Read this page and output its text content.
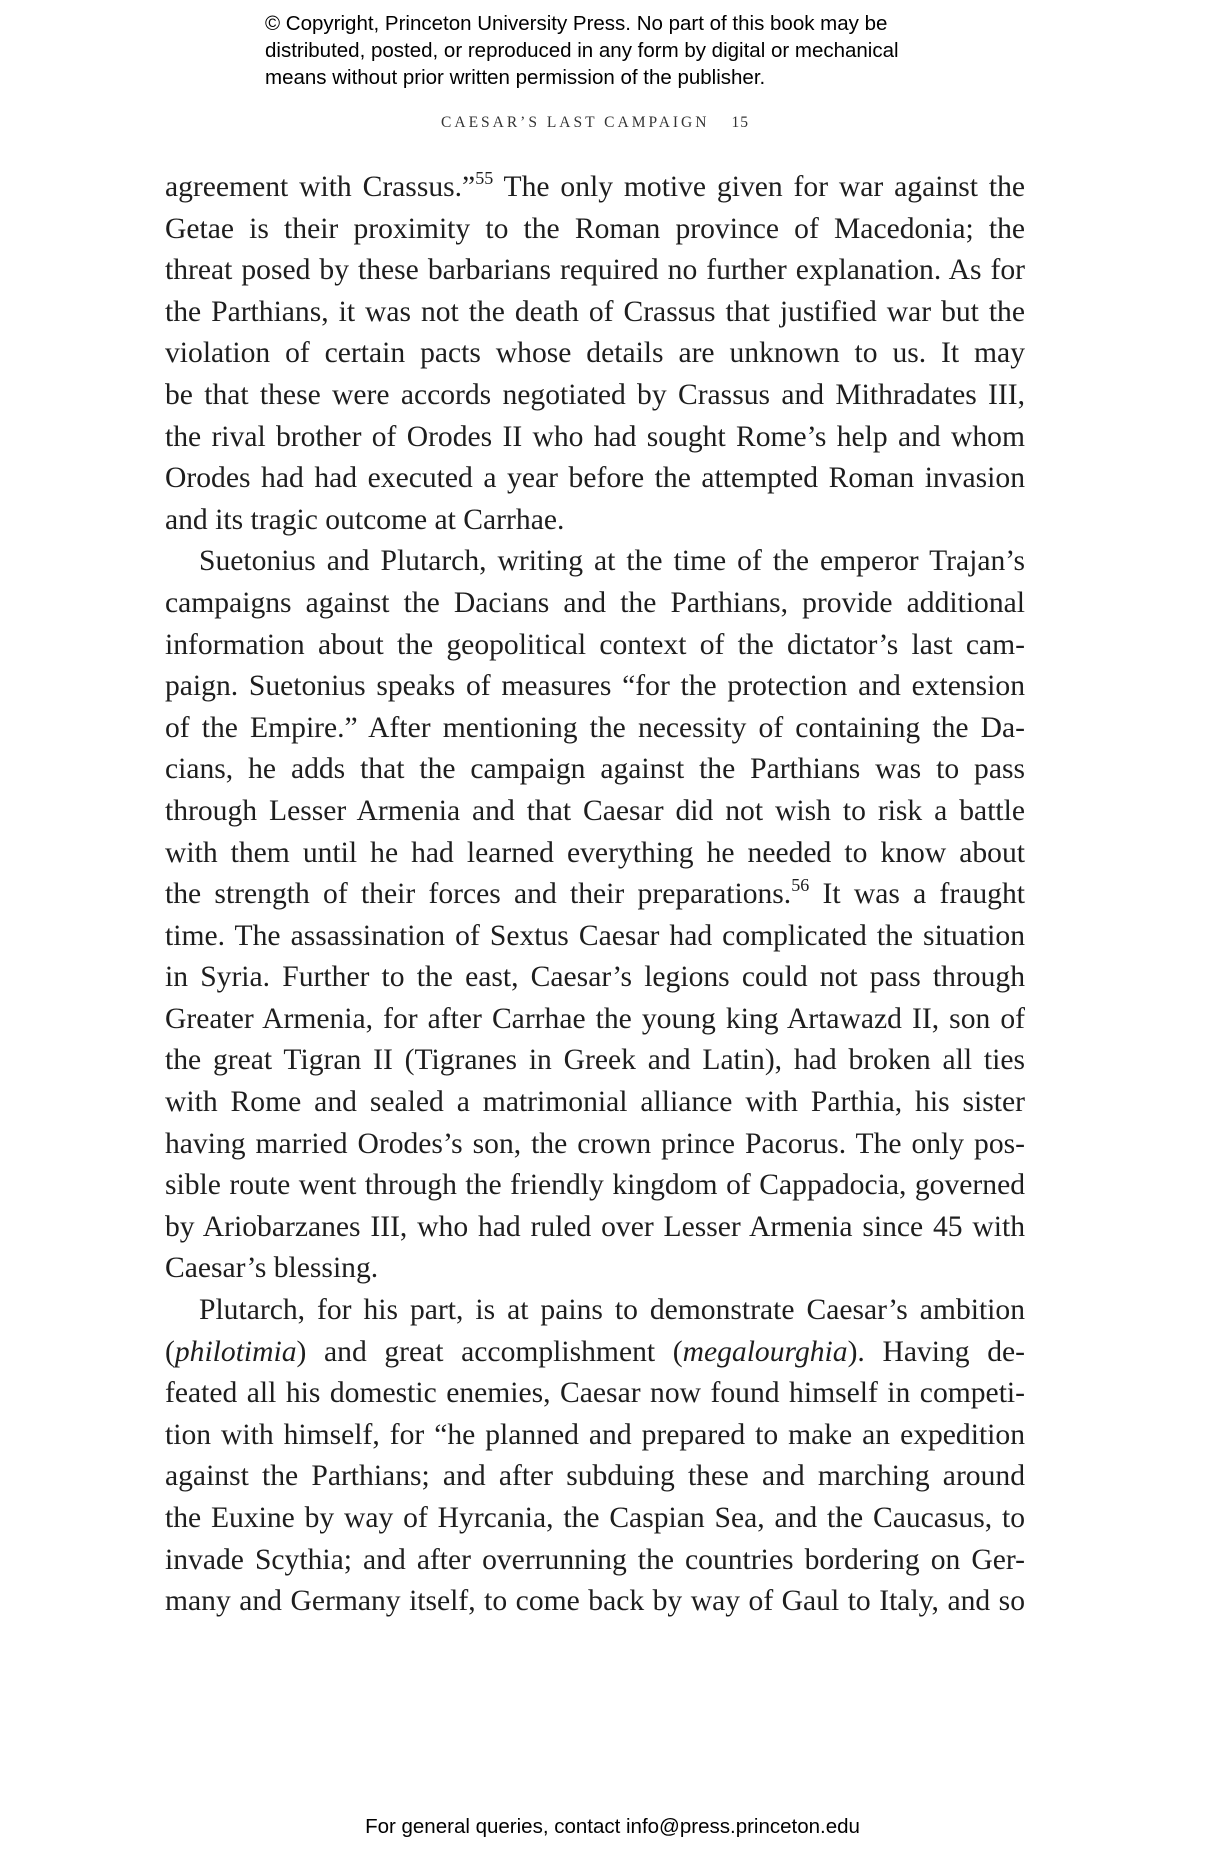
© Copyright, Princeton University Press. No part of this book may be
distributed, posted, or reproduced in any form by digital or mechanical
means without prior written permission of the publisher.
CAESAR’S LAST CAMPAIGN 15
agreement with Crassus.”$^{55}$ The only motive given for war against the
Getae is their proximity to the Roman province of Macedonia; the
threat posed by these barbarians required no further explanation. As for
the Parthians, it was not the death of Crassus that justified war but the
violation of certain pacts whose details are unknown to us. It may
be that these were accords negotiated by Crassus and Mithradates III,
the rival brother of Orodes II who had sought Rome’s help and whom
Orodes had had executed a year before the attempted Roman invasion
and its tragic outcome at Carrhae.
Suetonius and Plutarch, writing at the time of the emperor Trajan’s
campaigns against the Dacians and the Parthians, provide additional
information about the geopolitical context of the dictator’s last cam-
paign. Suetonius speaks of measures “for the protection and extension
of the Empire.” After mentioning the necessity of containing the Da-
cians, he adds that the campaign against the Parthians was to pass
through Lesser Armenia and that Caesar did not wish to risk a battle
with them until he had learned everything he needed to know about
the strength of their forces and their preparations.$^{56}$ It was a fraught
time. The assassination of Sextus Caesar had complicated the situation
in Syria. Further to the east, Caesar’s legions could not pass through
Greater Armenia, for after Carrhae the young king Artawazd II, son of
the great Tigran II (Tigranes in Greek and Latin), had broken all ties
with Rome and sealed a matrimonial alliance with Parthia, his sister
having married Orodes’s son, the crown prince Pacorus. The only pos-
sible route went through the friendly kingdom of Cappadocia, governed
by Ariobarzanes III, who had ruled over Lesser Armenia since 45 with
Caesar’s blessing.
Plutarch, for his part, is at pains to demonstrate Caesar’s ambition
(philotimia) and great accomplishment (megalourghia). Having de-
feated all his domestic enemies, Caesar now found himself in competi-
tion with himself, for “he planned and prepared to make an expedition
against the Parthians; and after subduing these and marching around
the Euxine by way of Hyrcania, the Caspian Sea, and the Caucasus, to
invade Scythia; and after overrunning the countries bordering on Ger-
many and Germany itself, to come back by way of Gaul to Italy, and so
For general queries, contact info@press.princeton.edu
